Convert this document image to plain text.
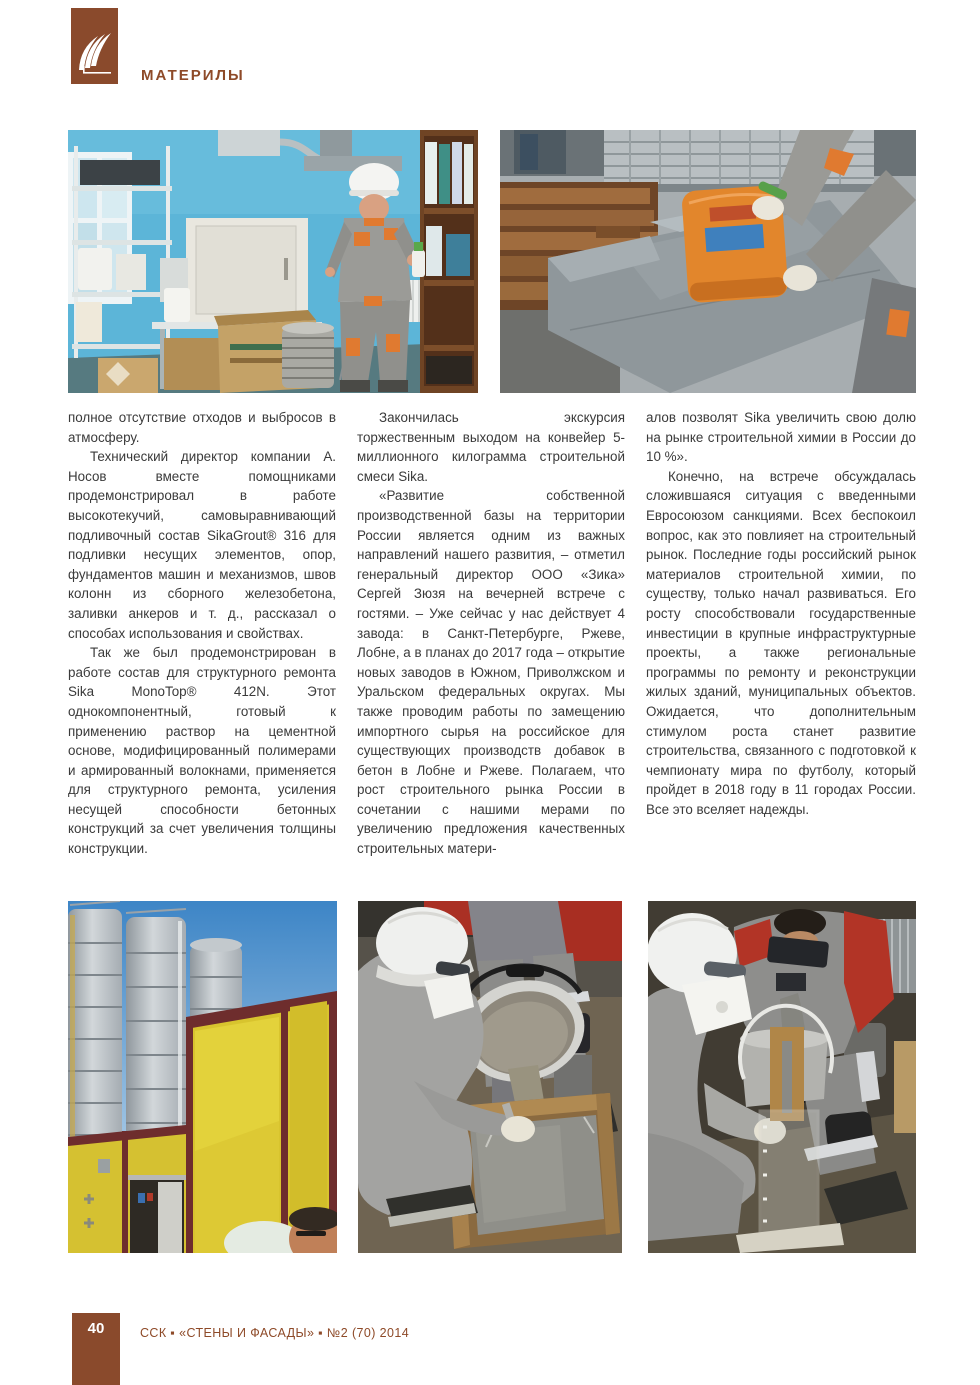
МАТЕРИЛЫ

полное отсутствие отходов и выбросов в атмосферу.

Технический директор компании А. Носов вместе помощниками продемонстрировал в работе высокотекучий, самовыравнивающий подливочный состав SikaGrout® 316 для подливки несущих элементов, опор, фундаментов машин и механизмов, швов колонн из сборного железобетона, заливки анкеров и т. д., рассказал о способах использования и свойствах.

Так же был продемонстрирован в работе состав для структурного ремонта Sika MonoTop® 412N. Этот однокомпонентный, готовый к применению раствор на цементной основе, модифицированный полимерами и армированный волокнами, применяется для структурного ремонта, усиления несущей способности бетонных конструкций за счет увеличения толщины конструкции.

Закончилась экскурсия торжественным выходом на конвейер 5-миллионного килограмма строительной смеси Sika.

«Развитие собственной производственной базы на территории России является одним из важных направлений нашего развития, – отметил генеральный директор ООО «Зика» Сергей Зюзя на вечерней встрече с гостями. – Уже сейчас у нас действует 4 завода: в Санкт-Петербурге, Ржеве, Лобне, а в планах до 2017 года – открытие новых заводов в Южном, Приволжском и Уральском федеральных округах. Мы также проводим работы по замещению импортного сырья на российское для существующих производств добавок в бетон в Лобне и Ржеве. Полагаем, что рост строительного рынка России в сочетании с нашими мерами по увеличению предложения качественных строительных матери-

алов позволят Sika увеличить свою долю на рынке строительной химии в России до 10 %».

Конечно, на встрече обсуждалась сложившаяся ситуация с введенными Евросоюзом санкциями. Всех беспокоил вопрос, как это повлияет на строительный рынок. Последние годы российский рынок материалов строительной химии, по существу, только начал развиваться. Его росту способствовали государственные инвестиции в крупные инфраструктурные проекты, а также региональные программы по ремонту и реконструкции жилых зданий, муниципальных объектов. Ожидается, что дополнительным стимулом роста станет развитие строительства, связанного с подготовкой к чемпионату мира по футболу, который пройдет в 2018 году в 11 городах России. Все это вселяет надежды.

40	ССК ▪ «СТЕНЫ И ФАСАДЫ» ▪ №2 (70) 2014
